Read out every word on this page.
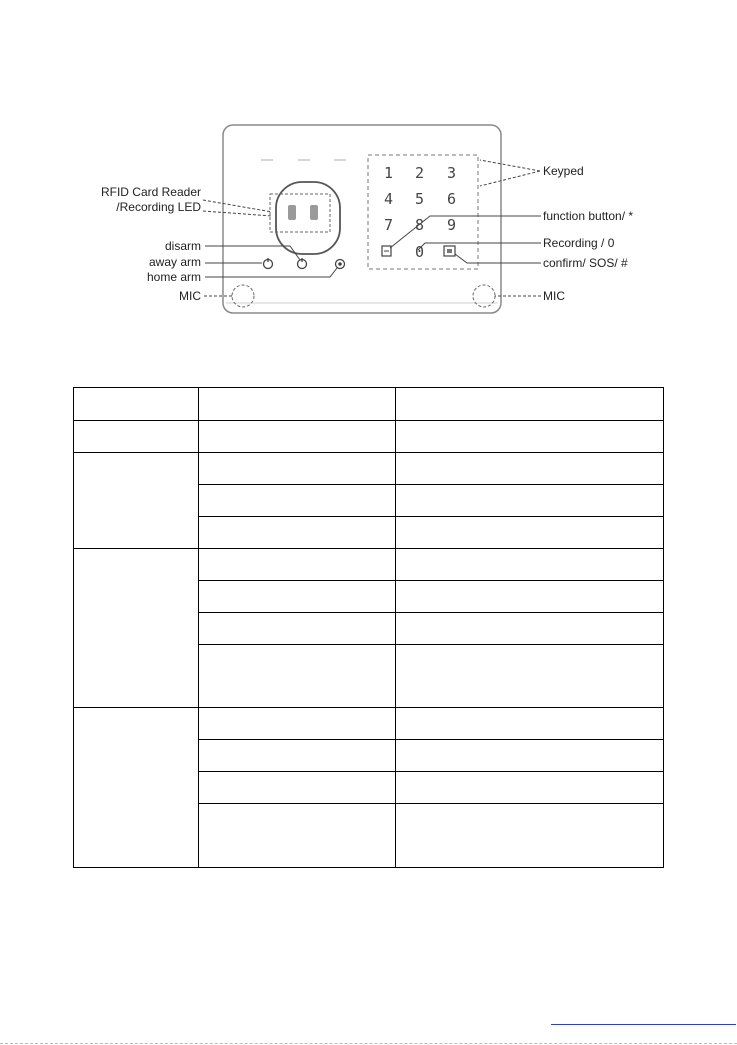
1 2 3
4 5 6
7 8 9
0
RFID Card Reader
/Recording LED
disarm
away arm
home arm
MIC
Keyped
function button/ *
Recording / 0
confirm/ SOS/ #
MIC
